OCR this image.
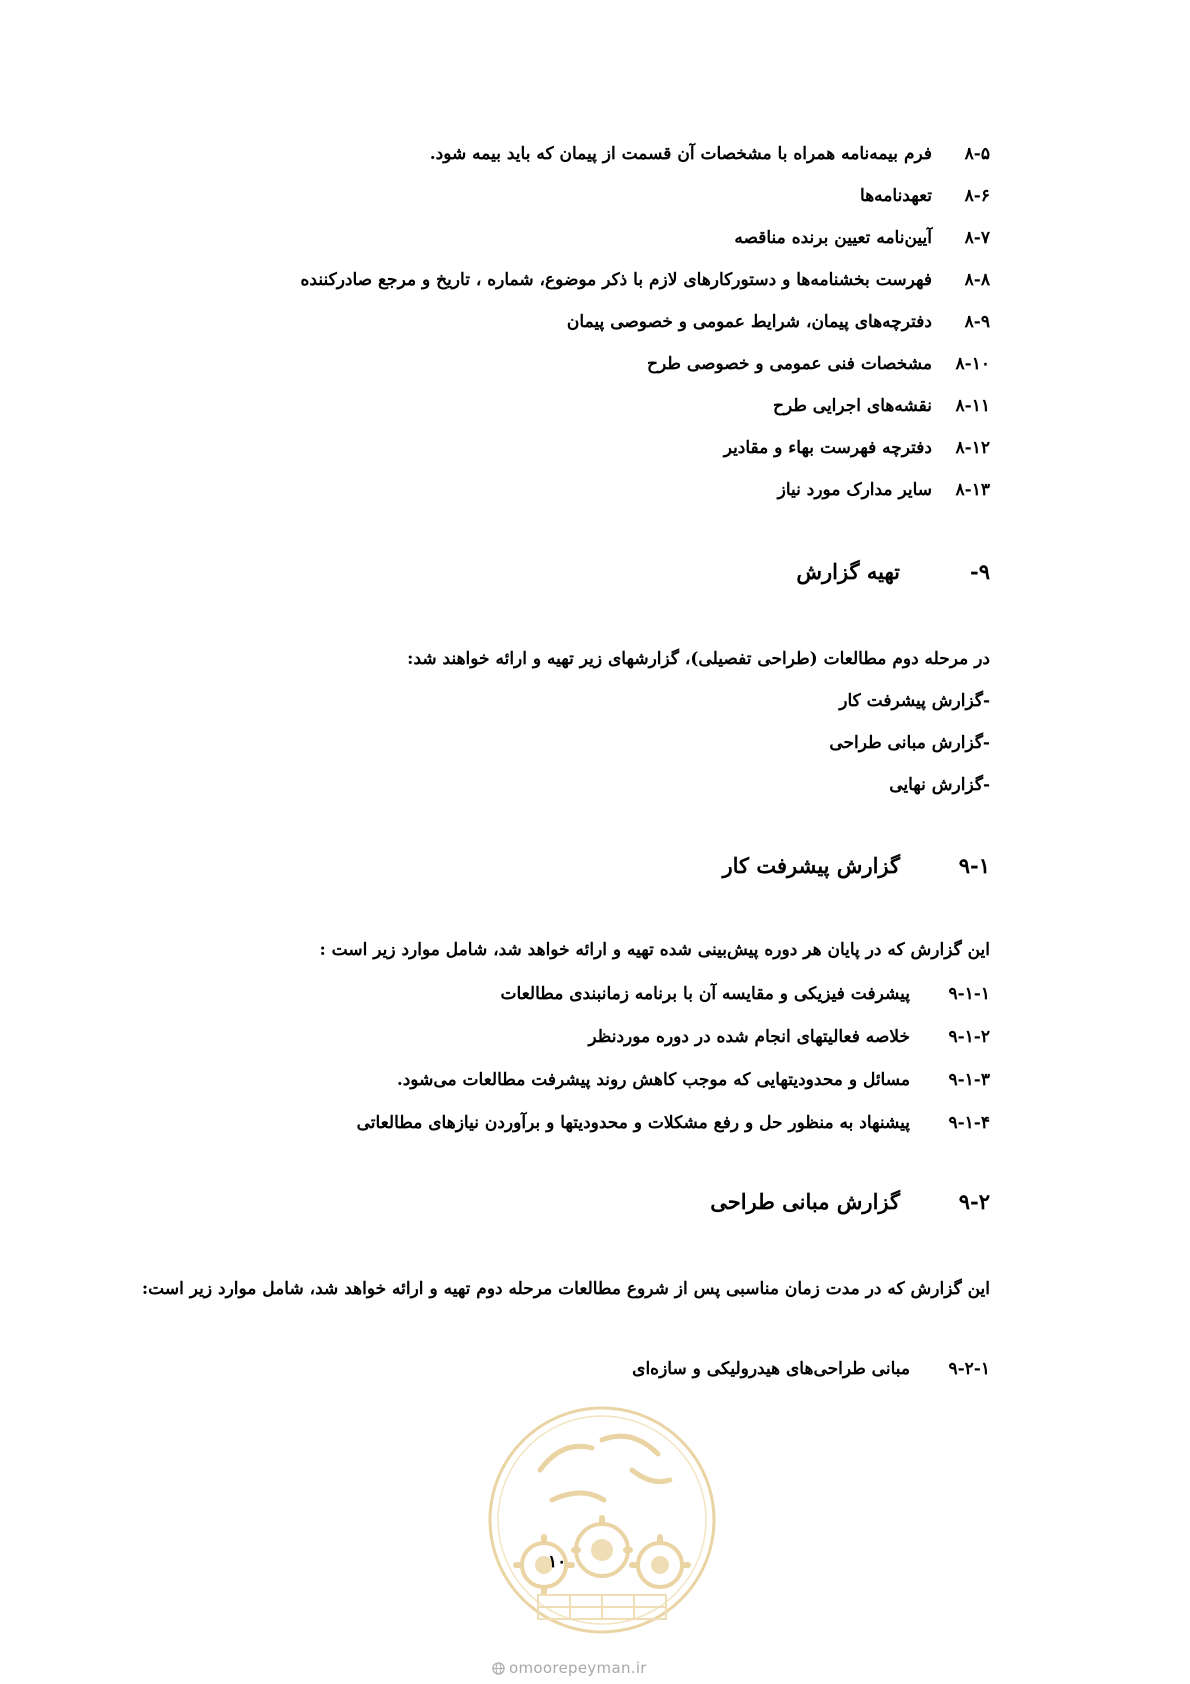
۸-۵فرم بیمه‌نامه همراه با مشخصات آن قسمت از پیمان که باید بیمه شود.
۸-۶تعهدنامه‌ها
۸-۷آیین‌نامه تعیین برنده مناقصه
۸-۸فهرست بخشنامه‌ها و دستورکارهای لازم با ذکر موضوع، شماره ، تاریخ و مرجع صادرکننده
۸-۹دفترچه‌های پیمان، شرایط عمومی و خصوصی پیمان
۸-۱۰مشخصات فنی عمومی و خصوصی طرح
۸-۱۱نقشه‌های اجرایی طرح
۸-۱۲دفترچه فهرست بهاء و مقادیر
۸-۱۳سایر مدارک مورد نیاز
۹-تهیه گزارش
در مرحله دوم مطالعات (طراحی تفصیلی)، گزارشهای زیر تهیه و ارائه خواهند شد:
-گزارش پیشرفت کار
-گزارش مبانی طراحی
-گزارش نهایی
۹-۱گزارش پیشرفت کار
این گزارش که در پایان هر دوره پیش‌بینی شده تهیه و ارائه خواهد شد، شامل موارد زیر است :
۹-۱-۱پیشرفت فیزیکی و مقایسه آن با برنامه زمانبندی مطالعات
۹-۱-۲خلاصه فعالیتهای انجام شده در دوره موردنظر
۹-۱-۳مسائل و محدودیتهایی که موجب کاهش روند پیشرفت مطالعات می‌شود.
۹-۱-۴پیشنهاد به منظور حل و رفع مشکلات و محدودیتها و برآوردن نیازهای مطالعاتی
۹-۲گزارش مبانی طراحی
این گزارش که در مدت زمان مناسبی پس از شروع مطالعات مرحله دوم تهیه و ارائه خواهد شد، شامل موارد زیر است:
۹-۲-۱مبانی طراحی‌های هیدرولیکی و سازه‌ای
۱۰
omoorepeyman.ir
